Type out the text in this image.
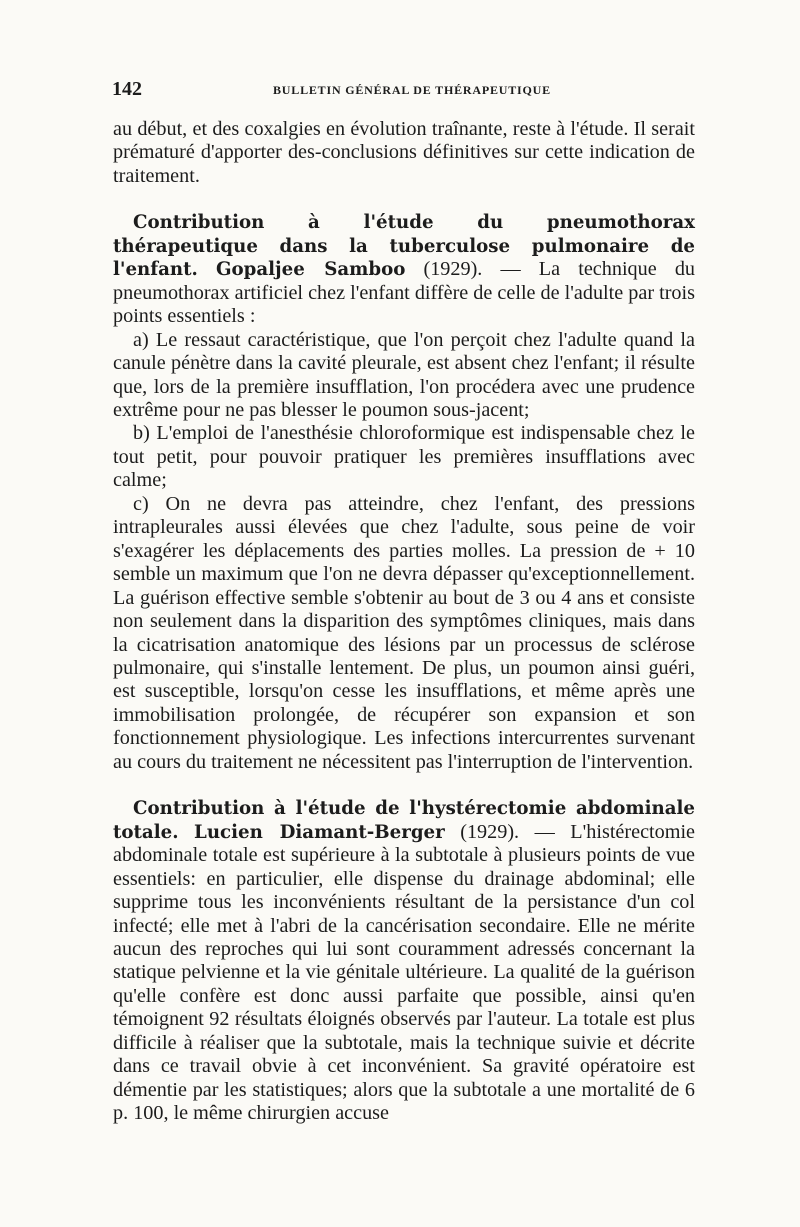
142	BULLETIN GÉNÉRAL DE THÉRAPEUTIQUE

au début, et des coxalgies en évolution traînante, reste à l'étude. Il serait prématuré d'apporter des-conclusions définitives sur cette indication de traitement.

Contribution à l'étude du pneumothorax thérapeutique dans la tuberculose pulmonaire de l'enfant. Gopaljee Samboo (1929). — La technique du pneumothorax artificiel chez l'enfant diffère de celle de l'adulte par trois points essentiels :

a) Le ressaut caractéristique, que l'on perçoit chez l'adulte quand la canule pénètre dans la cavité pleurale, est absent chez l'enfant; il résulte que, lors de la première insufflation, l'on procédera avec une prudence extrême pour ne pas blesser le poumon sous-jacent;

b) L'emploi de l'anesthésie chloroformique est indispensable chez le tout petit, pour pouvoir pratiquer les premières insufflations avec calme;

c) On ne devra pas atteindre, chez l'enfant, des pressions intrapleurales aussi élevées que chez l'adulte, sous peine de voir s'exagérer les déplacements des parties molles. La pression de + 10 semble un maximum que l'on ne devra dépasser qu'exceptionnellement. La guérison effective semble s'obtenir au bout de 3 ou 4 ans et consiste non seulement dans la disparition des symptômes cliniques, mais dans la cicatrisation anatomique des lésions par un processus de sclérose pulmonaire, qui s'installe lentement. De plus, un poumon ainsi guéri, est susceptible, lorsqu'on cesse les insufflations, et même après une immobilisation prolongée, de récupérer son expansion et son fonctionnement physiologique. Les infections intercurrentes survenant au cours du traitement ne nécessitent pas l'interruption de l'intervention.

Contribution à l'étude de l'hystérectomie abdominale totale. Lucien Diamant-Berger (1929). — L'histérectomie abdominale totale est supérieure à la subtotale à plusieurs points de vue essentiels: en particulier, elle dispense du drainage abdominal; elle supprime tous les inconvénients résultant de la persistance d'un col infecté; elle met à l'abri de la cancérisation secondaire. Elle ne mérite aucun des reproches qui lui sont couramment adressés concernant la statique pelvienne et la vie génitale ultérieure. La qualité de la guérison qu'elle confère est donc aussi parfaite que possible, ainsi qu'en témoignent 92 résultats éloignés observés par l'auteur. La totale est plus difficile à réaliser que la subtotale, mais la technique suivie et décrite dans ce travail obvie à cet inconvénient. Sa gravité opératoire est démentie par les statistiques; alors que la subtotale a une mortalité de 6 p. 100, le même chirurgien accuse
